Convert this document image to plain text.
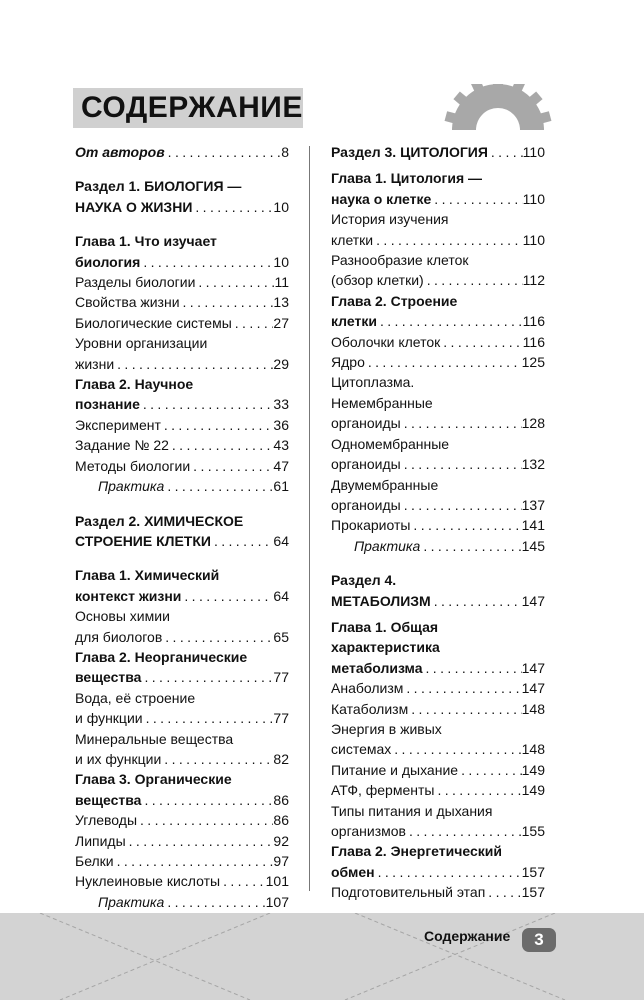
СОДЕРЖАНИЕ
От авторов . . .	8
Раздел 1. БИОЛОГИЯ —
НАУКА О ЖИЗНИ . . .	10
Глава 1. Что изучает
биология . . .	10
Разделы биологии . . .	11
Свойства жизни . . .	13
Биологические системы . . .	27
Уровни организации
жизни . . .	29
Глава 2. Научное
познание . . .	33
Эксперимент . . .	36
Задание № 22 . . .	43
Методы биологии . . .	47
Практика . . .	61
Раздел 2. ХИМИЧЕСКОЕ
СТРОЕНИЕ КЛЕТКИ . . .	64
Глава 1. Химический
контекст жизни . . .	64
Основы химии
для биологов . . .	65
Глава 2. Неорганические
вещества . . .	77
Вода, её строение
и функции . . .	77
Минеральные вещества
и их функции . . .	82
Глава 3. Органические
вещества . . .	86
Углеводы . . .	86
Липиды . . .	92
Белки . . .	97
Нуклеиновые кислоты . . .	101
Практика . . .	107
Раздел 3. ЦИТОЛОГИЯ . . . 110
Глава 1. Цитология —
наука о клетке . . .	110
История изучения
клетки . . .	110
Разнообразие клеток
(обзор клетки) . . .	112
Глава 2. Строение
клетки . . .	116
Оболочки клеток . . .	116
Ядро . . .	125
Цитоплазма.
Немембранные
органоиды . . .	128
Одномембранные
органоиды . . .	132
Двумембранные
органоиды . . .	137
Прокариоты . . .	141
Практика . . .	145
Раздел 4.
МЕТАБОЛИЗМ . . .	147
Глава 1. Общая
характеристика
метаболизма . . .	147
Анаболизм . . .	147
Катаболизм . . .	148
Энергия в живых
системах . . .	148
Питание и дыхание . . .	149
АТФ, ферменты . . .	149
Типы питания и дыхания
организмов . . .	155
Глава 2. Энергетический
обмен . . .	157
Подготовительный этап . . .	157
Содержание	3
